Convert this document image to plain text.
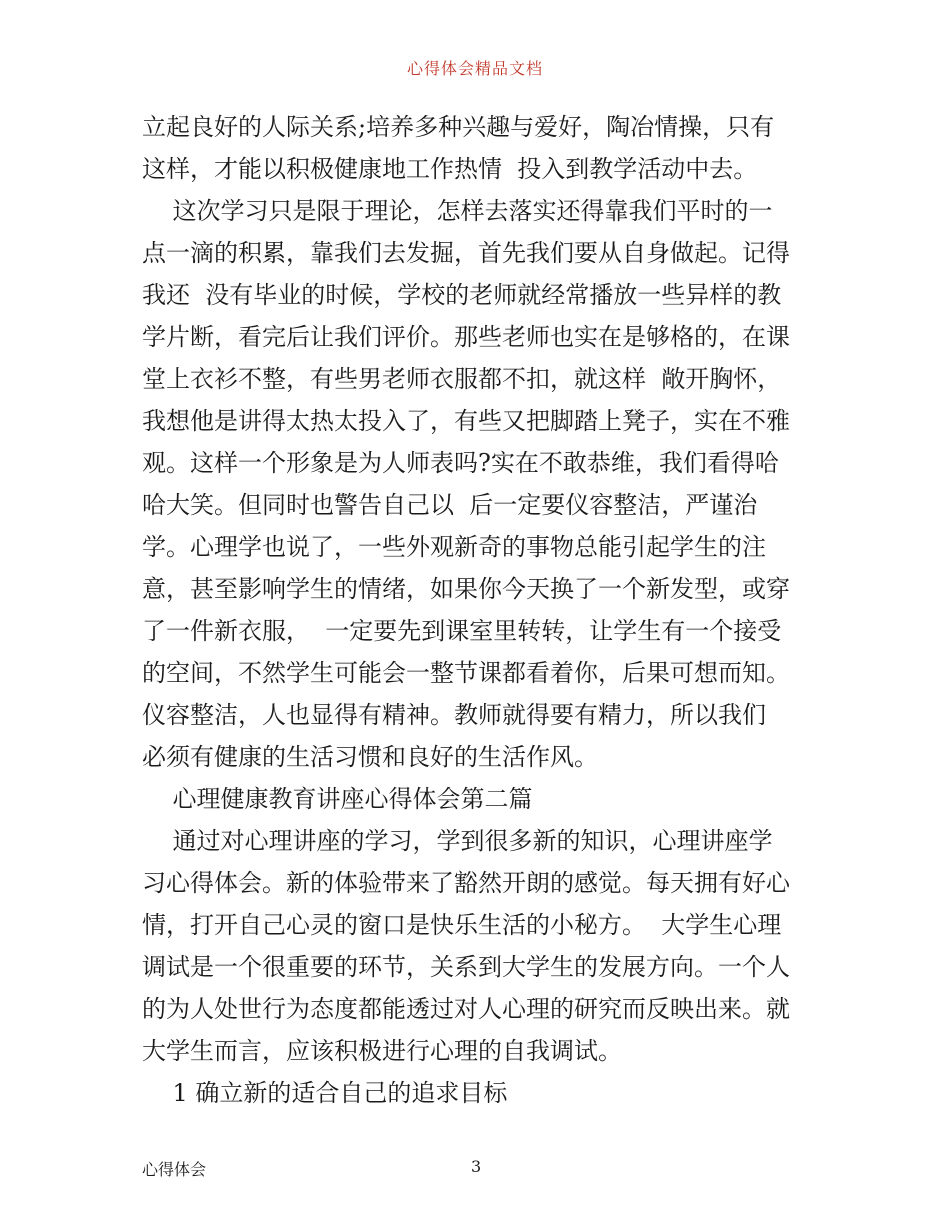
心得体会精品文档
立起良好的人际关系;培养多种兴趣与爱好，陶冶情操，只有
这样，才能以积极健康地工作热情  投入到教学活动中去。
这次学习只是限于理论，怎样去落实还得靠我们平时的一
点一滴的积累，靠我们去发掘，首先我们要从自身做起。记得
我还  没有毕业的时候，学校的老师就经常播放一些异样的教
学片断，看完后让我们评价。那些老师也实在是够格的，在课
堂上衣衫不整，有些男老师衣服都不扣，就这样  敞开胸怀，
我想他是讲得太热太投入了，有些又把脚踏上凳子，实在不雅
观。这样一个形象是为人师表吗?实在不敢恭维，我们看得哈
哈大笑。但同时也警告自己以  后一定要仪容整洁，严谨治
学。心理学也说了，一些外观新奇的事物总能引起学生的注
意，甚至影响学生的情绪，如果你今天换了一个新发型，或穿
了一件新衣服，  一定要先到课室里转转，让学生有一个接受
的空间，不然学生可能会一整节课都看着你，后果可想而知。
仪容整洁，人也显得有精神。教师就得要有精力，所以我们
必须有健康的生活习惯和良好的生活作风。
心理健康教育讲座心得体会第二篇
通过对心理讲座的学习，学到很多新的知识，心理讲座学
习心得体会。新的体验带来了豁然开朗的感觉。每天拥有好心
情，打开自己心灵的窗口是快乐生活的小秘方。  大学生心理
调试是一个很重要的环节，关系到大学生的发展方向。一个人
的为人处世行为态度都能透过对人心理的研究而反映出来。就
大学生而言，应该积极进行心理的自我调试。
1 确立新的适合自己的追求目标
心得体会	3
